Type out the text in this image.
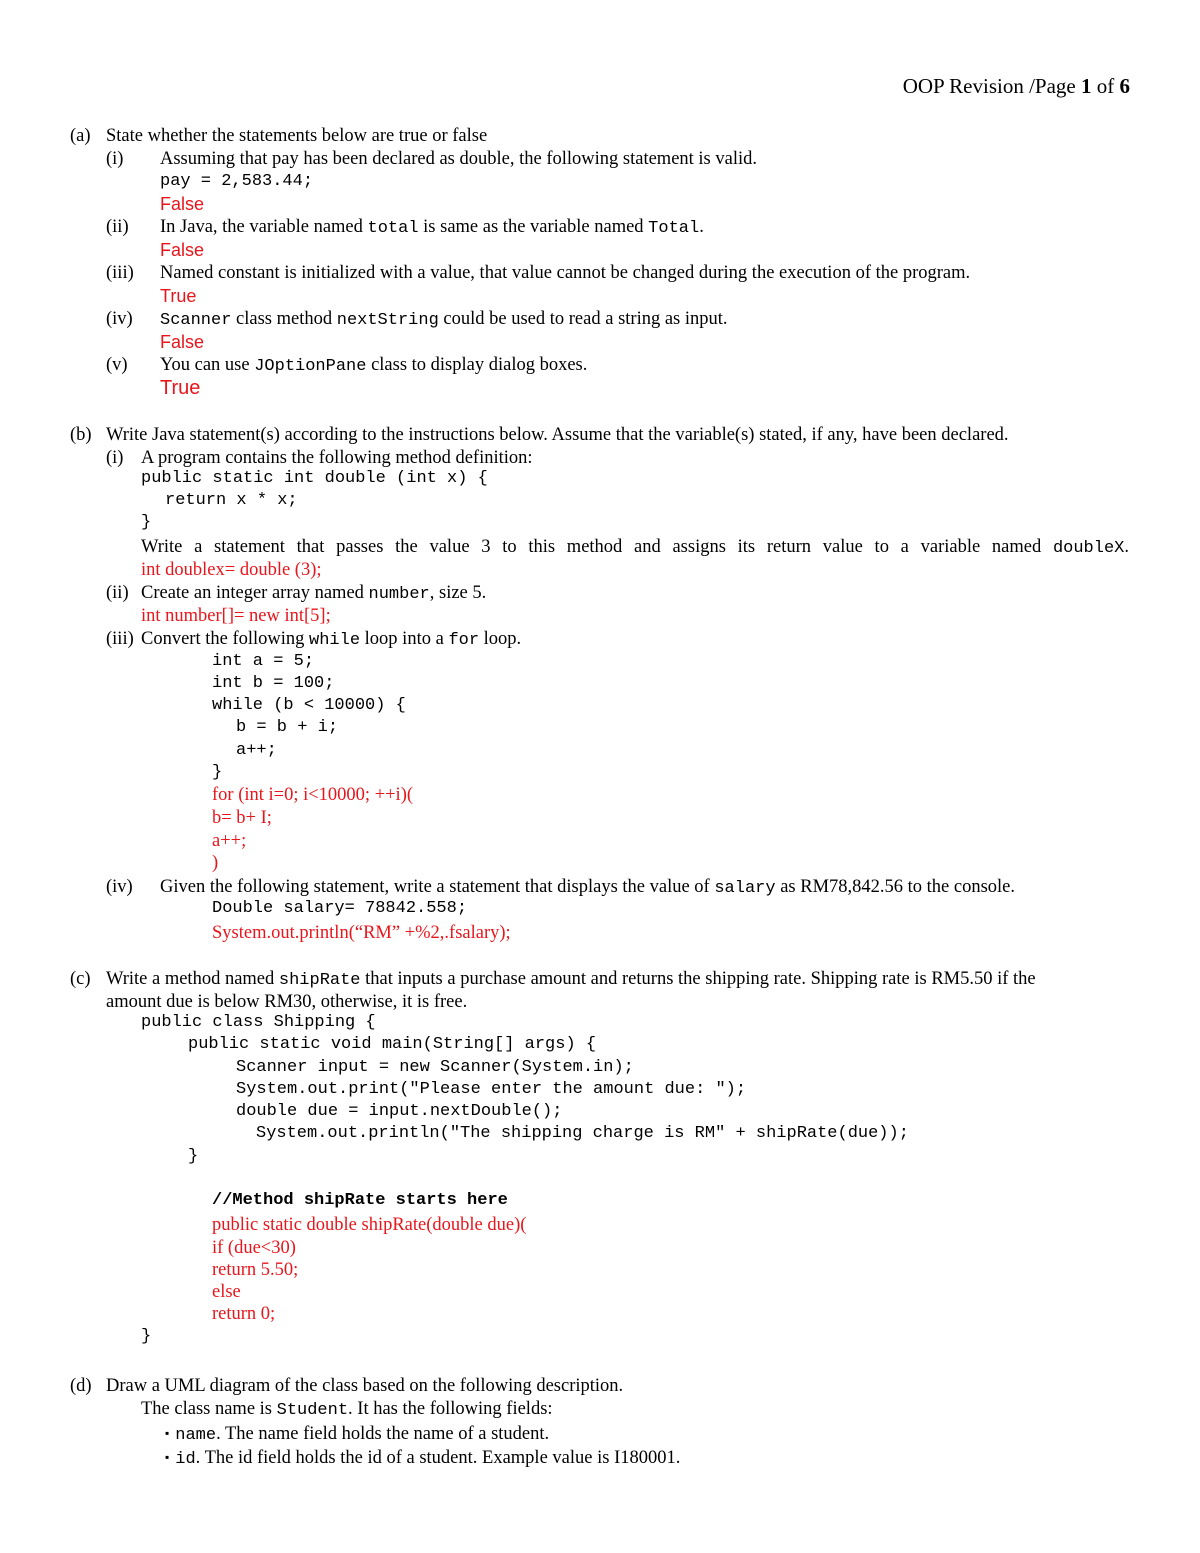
OOP Revision /Page 1 of 6
(a) State whether the statements below are true or false
(i) Assuming that pay has been declared as double, the following statement is valid.
pay = 2,583.44;
False
(ii) In Java, the variable named total is same as the variable named Total.
False
(iii) Named constant is initialized with a value, that value cannot be changed during the execution of the program.
True
(iv) Scanner class method nextString could be used to read a string as input.
False
(v) You can use JOptionPane class to display dialog boxes.
True
(b) Write Java statement(s) according to the instructions below. Assume that the variable(s) stated, if any, have been declared.
(i) A program contains the following method definition:
public static int double (int x) {
return x * x;
}
Write a statement that passes the value 3 to this method and assigns its return value to a variable named doubleX.
int doublex= double (3);
(ii) Create an integer array named number, size 5.
int number[]= new int[5];
(iii) Convert the following while loop into a for loop.
int a = 5;
int b = 100;
while (b < 10000) {
b = b + i;
a++;
}
for (int i=0; i<10000; ++i)(
b= b+ I;
a++;
)
(iv) Given the following statement, write a statement that displays the value of salary as RM78,842.56 to the console.
Double salary= 78842.558;
System.out.println(“RM” +%2,.fsalary);
(c) Write a method named shipRate that inputs a purchase amount and returns the shipping rate. Shipping rate is RM5.50 if the
amount due is below RM30, otherwise, it is free.
public class Shipping {
public static void main(String[] args) {
Scanner input = new Scanner(System.in);
System.out.print("Please enter the amount due: ");
double due = input.nextDouble();
System.out.println("The shipping charge is RM" + shipRate(due));
}
//Method shipRate starts here
public static double shipRate(double due)(
if (due<30)
return 5.50;
else
return 0;
}
(d) Draw a UML diagram of the class based on the following description.
The class name is Student. It has the following fields:
▪ name. The name field holds the name of a student.
▪ id. The id field holds the id of a student. Example value is I180001.
